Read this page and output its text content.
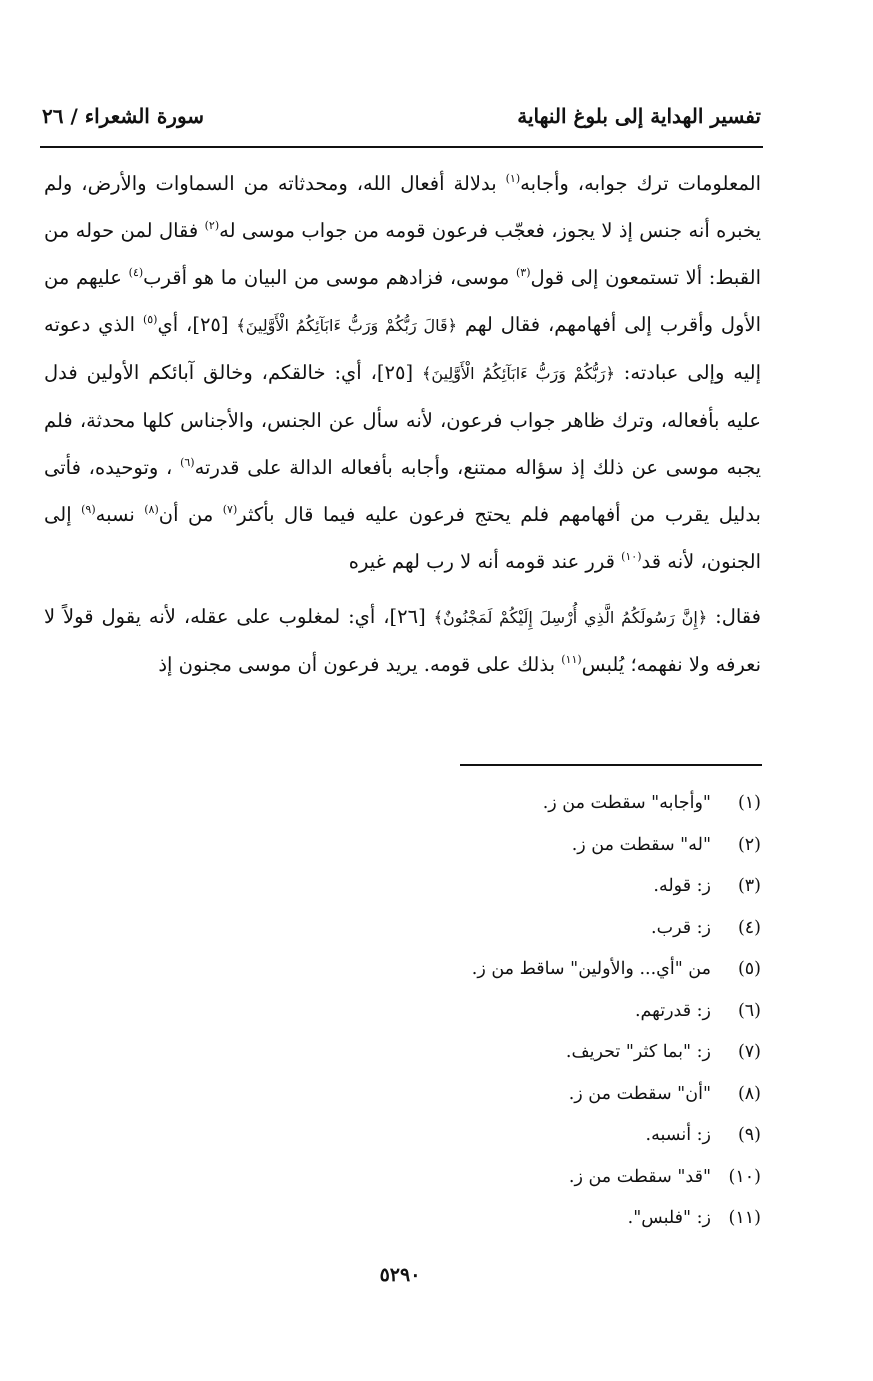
تفسير الهداية إلى بلوغ النهاية
سورة الشعراء / ٢٦

المعلومات ترك جوابه، وأجابه$^{(١)}$ بدلالة أفعال الله، ومحدثاته من السماوات والأرض، ولم يخبره أنه جنس إذ لا يجوز، فعجّب فرعون قومه من جواب موسى له$^{(٢)}$ فقال لمن حوله من القبط: ألا تستمعون إلى قول$^{(٣)}$ موسى، فزادهم موسى من البيان ما هو أقرب$^{(٤)}$ عليهم من الأول وأقرب إلى أفهامهم، فقال لهم ﴿قَالَ رَبُّكُمْ وَرَبُّ ءَابَآئِكُمُ الْأَوَّلِينَ﴾ [٢٥]، أي$^{(٥)}$ الذي دعوته إليه وإلى عبادته: ﴿رَبُّكُمْ وَرَبُّ ءَابَآئِكُمُ الْأَوَّلِينَ﴾ [٢٥]، أي: خالقكم، وخالق آبائكم الأولين فدل عليه بأفعاله، وترك ظاهر جواب فرعون، لأنه سأل عن الجنس، والأجناس كلها محدثة، فلم يجبه موسى عن ذلك إذ سؤاله ممتنع، وأجابه بأفعاله الدالة على قدرته$^{(٦)}$ ، وتوحيده، فأتى بدليل يقرب من أفهامهم فلم يحتج فرعون عليه فيما قال بأكثر$^{(٧)}$ من أن$^{(٨)}$ نسبه$^{(٩)}$ إلى الجنون، لأنه قد$^{(١٠)}$ قرر عند قومه أنه لا رب لهم غيره

فقال: ﴿إِنَّ رَسُولَكُمُ الَّذِي أُرْسِلَ إِلَيْكُمْ لَمَجْنُونٌ﴾ [٢٦]، أي: لمغلوب على عقله، لأنه يقول قولاً لا نعرفه ولا نفهمه؛ يُلبس$^{(١١)}$ بذلك على قومه. يريد فرعون أن موسى مجنون إذ

(١)"وأجابه" سقطت من ز.
(٢)"له" سقطت من ز.
(٣)ز: قوله.
(٤)ز: قرب.
(٥)من "أي... والأولين" ساقط من ز.
(٦)ز: قدرتهم.
(٧)ز: "بما كثر" تحريف.
(٨)"أن" سقطت من ز.
(٩)ز: أنسبه.
(١٠)"قد" سقطت من ز.
(١١)ز: "فلبس".
٥٢٩٠
